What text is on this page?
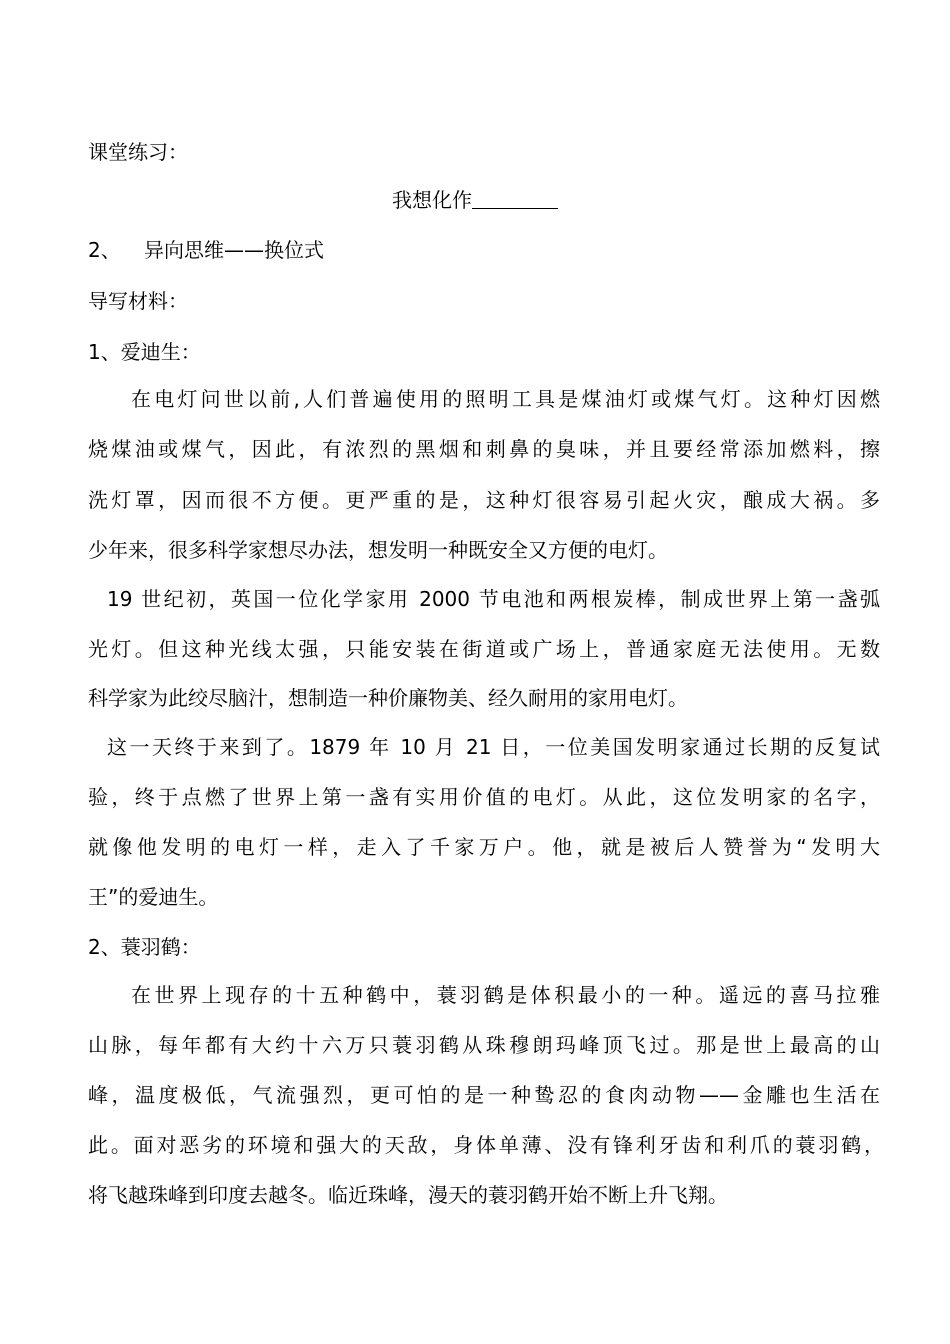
课堂练习：
我想化作
2、 异向思维——换位式
导写材料：
1、爱迪生：
在电灯问世以前,人们普遍使用的照明工具是煤油灯或煤气灯。这种灯因燃
烧煤油或煤气，因此，有浓烈的黑烟和刺鼻的臭味，并且要经常添加燃料，擦
洗灯罩，因而很不方便。更严重的是，这种灯很容易引起火灾，酿成大祸。多
少年来，很多科学家想尽办法，想发明一种既安全又方便的电灯。
19 世纪初，英国一位化学家用 2000 节电池和两根炭棒，制成世界上第一盏弧
光灯。但这种光线太强，只能安装在街道或广场上，普通家庭无法使用。无数
科学家为此绞尽脑汁，想制造一种价廉物美、经久耐用的家用电灯。
这一天终于来到了。1879 年 10 月 21 日，一位美国发明家通过长期的反复试
验，终于点燃了世界上第一盏有实用价值的电灯。从此，这位发明家的名字，
就像他发明的电灯一样，走入了千家万户。他，就是被后人赞誉为“发明大
王”的爱迪生。
2、蓑羽鹤：
在世界上现存的十五种鹤中，蓑羽鹤是体积最小的一种。遥远的喜马拉雅
山脉，每年都有大约十六万只蓑羽鹤从珠穆朗玛峰顶飞过。那是世上最高的山
峰，温度极低，气流强烈，更可怕的是一种鸷忍的食肉动物——金雕也生活在
此。面对恶劣的环境和强大的天敌，身体单薄、没有锋利牙齿和利爪的蓑羽鹤，
将飞越珠峰到印度去越冬。临近珠峰，漫天的蓑羽鹤开始不断上升飞翔。
